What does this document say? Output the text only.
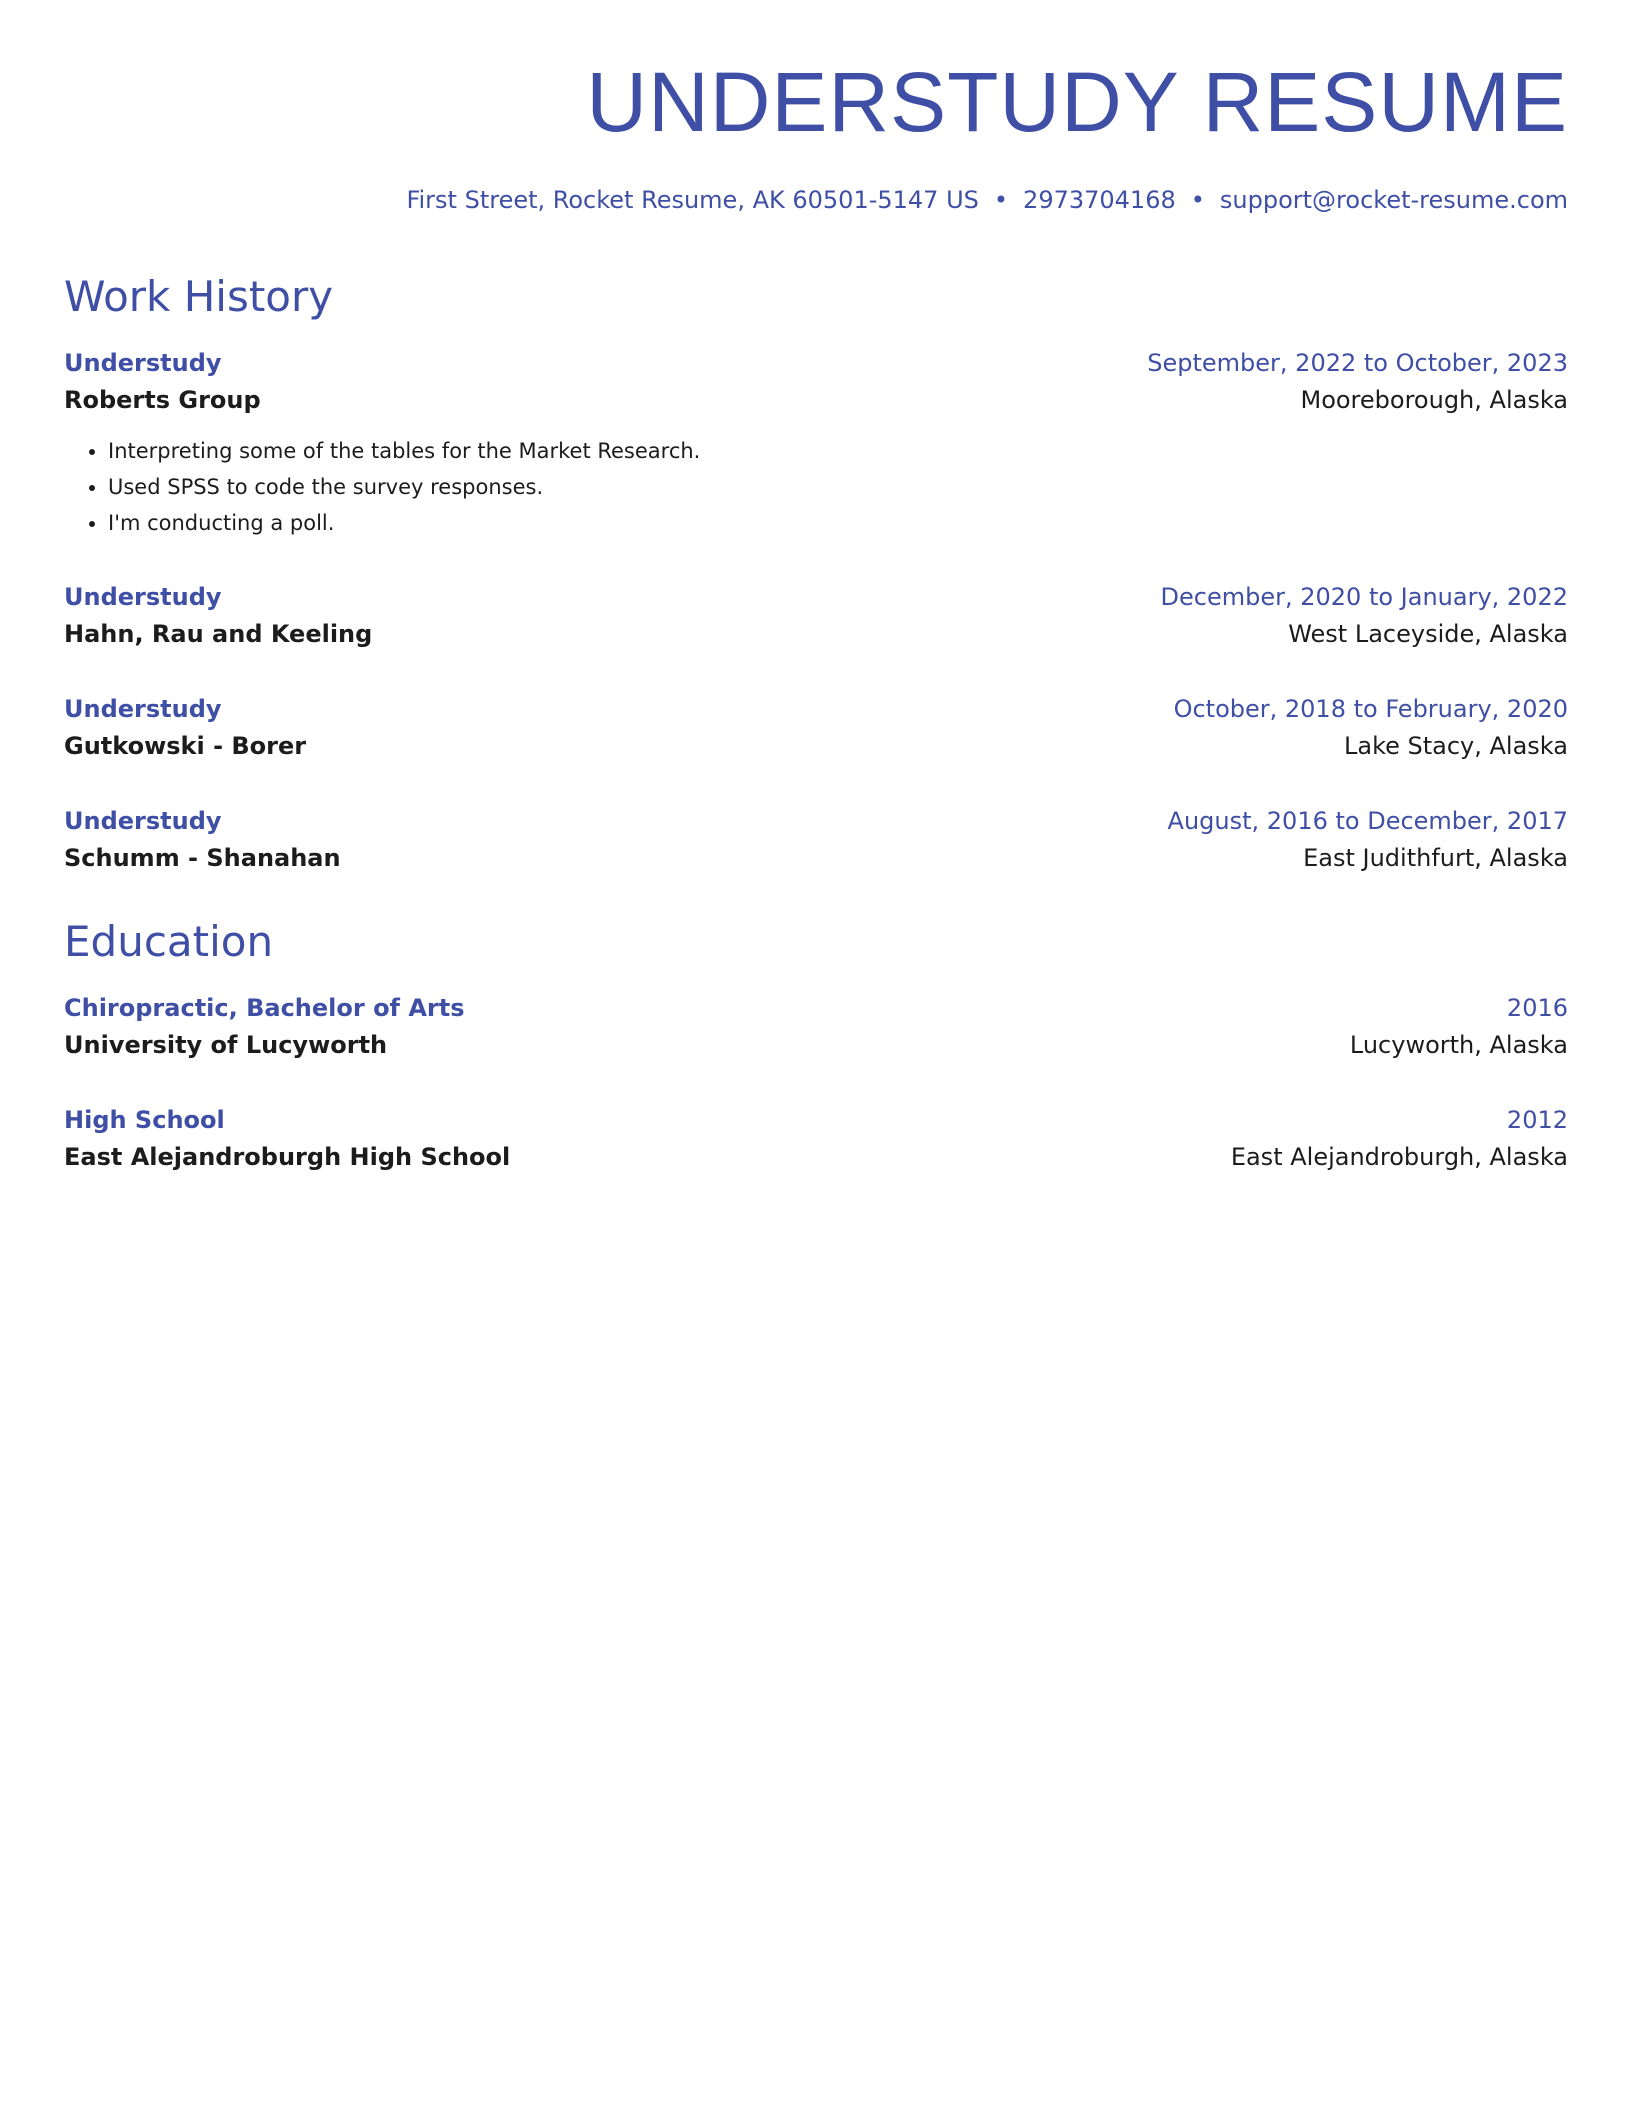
UNDERSTUDY RESUME
First Street, Rocket Resume, AK 60501-5147 US • 2973704168 • support@rocket-resume.com
Work History
Understudy	September, 2022 to October, 2023
Roberts Group	Mooreborough, Alaska
• Interpreting some of the tables for the Market Research.
• Used SPSS to code the survey responses.
• I'm conducting a poll.
Understudy	December, 2020 to January, 2022
Hahn, Rau and Keeling	West Laceyside, Alaska
Understudy	October, 2018 to February, 2020
Gutkowski - Borer	Lake Stacy, Alaska
Understudy	August, 2016 to December, 2017
Schumm - Shanahan	East Judithfurt, Alaska
Education
Chiropractic, Bachelor of Arts	2016
University of Lucyworth	Lucyworth, Alaska
High School	2012
East Alejandroburgh High School	East Alejandroburgh, Alaska
